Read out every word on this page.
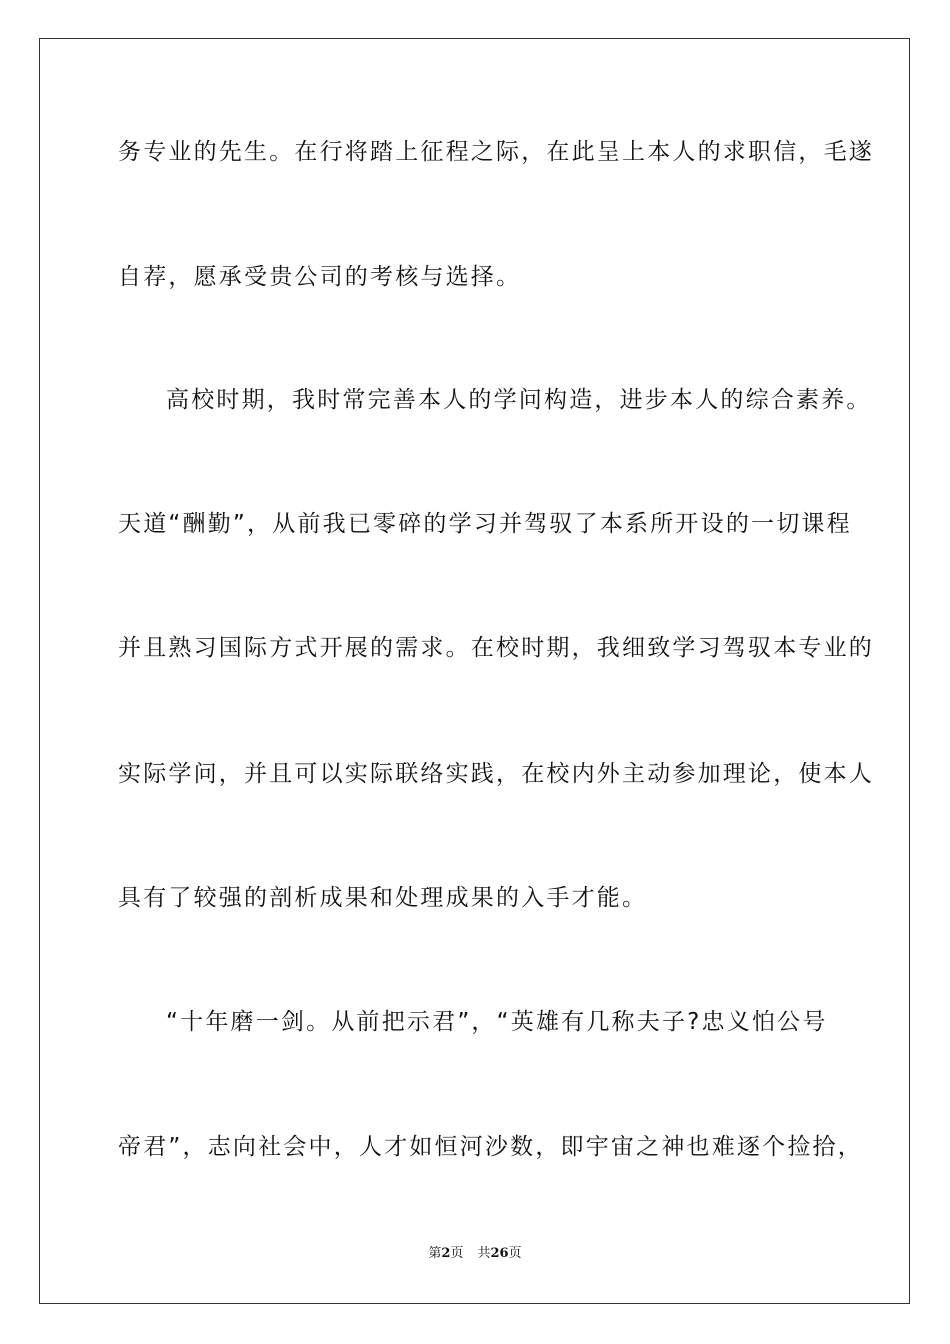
务专业的先生。在行将踏上征程之际，在此呈上本人的求职信，毛遂
自荐，愿承受贵公司的考核与选择。
高校时期，我时常完善本人的学问构造，进步本人的综合素养。
天道“酬勤”，从前我已零碎的学习并驾驭了本系所开设的一切课程
并且熟习国际方式开展的需求。在校时期，我细致学习驾驭本专业的
实际学问，并且可以实际联络实践，在校内外主动参加理论，使本人
具有了较强的剖析成果和处理成果的入手才能。
“十年磨一剑。从前把示君”，“英雄有几称夫子?忠义怕公号
帝君”，志向社会中，人才如恒河沙数，即宇宙之神也难逐个捡拾，
第2页 共26页
